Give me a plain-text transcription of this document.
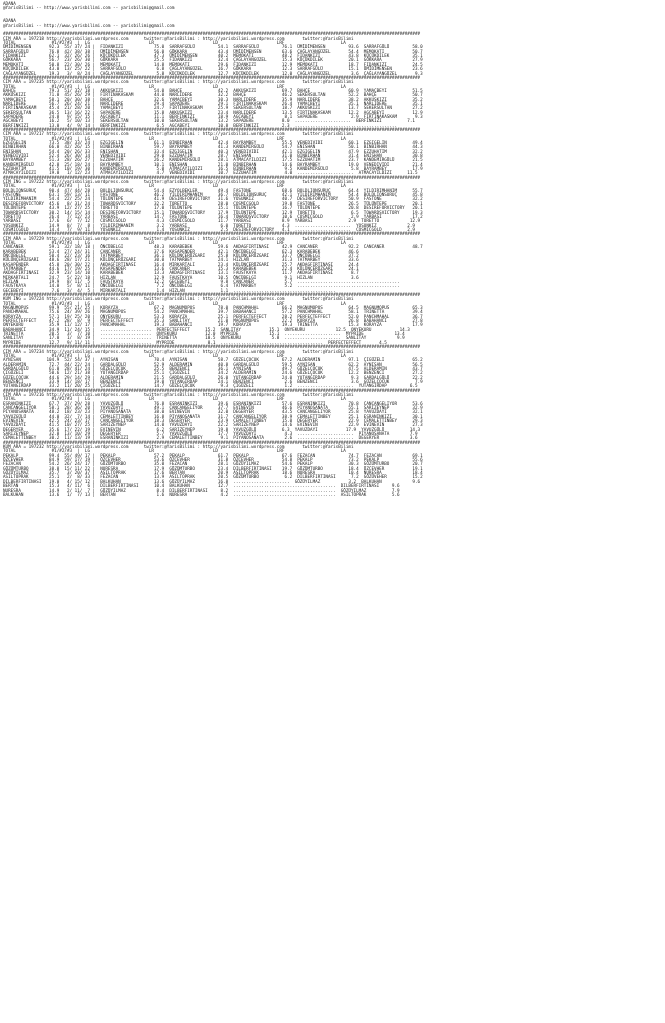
ADANA
@YarisBilimi -- http://www.yarisbilimi.com -- yarisbilimi@gmail.com
ADANA
@YarisBilimi -- http://www.yarisbilimi.com -- yarisbilimi@gmail.com
###################################################################################################################################################################
CIM ARA = 197218 http://yarisbilimi.wordpress.com      twitter:@YarisBilimi : http://yarisbilimi.wordpress.com       twitter:@YarisBilimi
TOTAL              #1/#2/#3  |  LG                       LR                       LD                       LRF                      LA
ÜMİDİMENSEN       92.3  55/ 37/ 24 |  FIDANKIZI            75.0  SARRAFGÜLÜ         54.1  SARRAFGÜLÜ         76.1  ÜMİDİMENSEN         93.6  SARRAFGÜLÜ         58.0
SARRAFGÜLÜ        76.8  42/ 38/ 38 |  ÜMİDİMENSEN          56.0  GÖKKARA            43.4  ÜMİDİMENSEN        63.6  ÇAĞLAYANGÜZEL       54.4  MEMOKATI           50.7
FIDANKIZI         62.1  32/ 26/ 26 |  KÜÇÜKDILEK           47.3  ÜMİDİMENSEN        40.2  MEMOKATI           48.2  FIDANKIZI           43.8  KÜÇÜKDILEK         35.1
GÖKKARA           56.7  23/ 26/ 30 |  GÖKKARA              25.5  FIDANKIZI          32.4  ÇAĞLAYANGÜZEL      15.3  KÜÇÜKDILEK          20.1  GÖKKARA            27.9
MEMOKATI          50.8  22/ 30/ 26 |  MEMOKATI             14.8  MEMOKATI           29.6  FIDANKIZI          12.9  MEMOKATI            18.7  FIDANKIZI          24.5
KÜÇÜKDILEK        43.0  13/ 25/ 22 |  SARRAFGÜLÜ            6.8  ÇAĞLAYANGÜZEL      16.7  GÖKKARA            12.3  SARRAFGÜLÜ          15.1  ÜMİDİMENSEN        23.6
ÇAĞLAYANGÜZEL     19.3   3/  8/ 24 |  ÇAĞLAYANGÜZEL         5.8  KÜÇÜKDILEK         12.7  KÜÇÜKDILEK         12.0  ÇAĞLAYANGÜZEL        3.6  ÇAĞLAYANGÜZEL       9.3
###################################################################################################################################################################
CIM ARA = 197235 http://yarisbilimi.wordpress.com      twitter:@YarisBilimi : http://yarisbilimi.wordpress.com       twitter:@YarisBilimi
TOTAL              #1/#2/#3  |  LG                       LR                       LD                       LRF                      LA
BAHÇE             79.3  51/ 32/ 18 |  AKKUSKIZI            54.0  BAHÇE              42.2  AKKUSKIZI          69.7  BAHÇE               60.9  YAMAÇBEYI          51.5
AKKUSKIZI         71.0  45/ 26/ 29 |  FIRTINAKASKAM        44.0  NARLIDERE          32.2  BAHÇE              46.2  SEKERSULTAN         52.2  BAHÇE              50.7
YAMAÇBEYI         58.1  20/ 30/ 38 |  BAHÇE                32.6  YAMAÇBEYI          30.3  NARLIDERE          35.9  NARLIDERE           38.2  AKKUSKIZI          35.2
NARLIDERE         56.7  26/ 24/ 21 |  NARLIDERE            29.4  SAPADERE           29.1  FIRTINAKASKAM      26.4  YAMAÇBEYI           35.1  NARLIDERE          35.1
FIRTINAKASKAM     45.4  21/ 28/ 20 |  YAMAÇBEYI            24.7  FIRTINAKASKAM      25.9  SEKERSULTAN        18.7  AKKUSKIZI           13.7  SEKERSULTAN        27.2
SEKERSULTAN       36.5  13/ 16/ 22 |  SAPADERE             15.8  AKKUSKIZI          23.4  NARLIDERE          13.5  FIRTINAKASKAM       12.2  AGCABEYI           12.9
SAPADERE          24.8   9/ 15/ 15 |  AGCABEYI             11.1  BERFINKIZI         18.9  AGCABEYI            8.1  SAPADERE             2.9  FIRTINAKASKAM       9.3
AGCABEYI          16.2   5/ 10/ 13 |  SEKERSULTAN          10.0  SEKERSULTAN        13.2  SAPADERE           8.0  ......................  BERFINKIZI          7.1
BERFINKIZI        13.0   4/  9/ 14 |  BERFINKIZI            6.5  AGCABEYI           10.8  BERFINKIZI         2.3  ........................................
###################################################################################################################################################################
CIM ARA = 197217 http://yarisbilimi.wordpress.com      twitter:@YarisBilimi : http://yarisbilimi.wordpress.com       twitter:@YarisBilimi
TOTAL              #1/#2/#3  |  LG                       LR                       LD                       LRF                      LA
EZGIGELIN         73.5  38/ 33/ 24 |  EZGIGELIN            61.1  BINBIRHAN          42.4  BAYRAMBEY          55.5  VENEDIVIDI          60.1  EZGIGELIN          49.4
BINBIRHAN         66.0  42/ 26/ 15 |  BINBIRHAN            59.7  BAYRAMBEY          41.3  KANDEMIRGÜLÜ       54.7  ENISHAN             50.1  BINBIRHAN          44.3
ENISHAN           54.4  20/ 26/ 33 |  ENISHAN              33.4  EZGIGELIN          40.3  VENEDIVIDI         42.1  EZGIGELIN           47.9  EZZUHATIM          32.2
VENEDIVIDI        52.4  26/ 30/ 14 |  VENEDIVIDI           29.0  EZZUHATIM          28.7  ENISHAN            31.0  BINBIRHAN           31.4  ENISHAN            30.8
BAYRAMBEY         51.3  28/ 26/ 27 |  EZZUHATIM            26.2  KANDEMIRGÜLÜ       28.1  ATMACAYILDIZI      17.5  EZZUHATIM           23.7  KANDEMIRGÜLÜ       21.5
KANDEMIRGÜLÜ      42.8  25/ 18/ 24 |  BAYRAMBEY            10.1  ENISHAN            21.0  BINBIRHAN          14.6  BAYRAMBEY           19.0  VENEDIVIDI         21.4
EZZUHATIM         41.5  10/ 19/ 30 |  KANDEMIRGÜLÜ          5.0  ATMACAYILDIZI      16.5  BINBIRHAN           9.5  KANDEMIRGÜLÜ         5.8  BAYRAMBEY          17.9
ATMACAYILDIZI     19.0   1/ 12/ 23 |  ATMACAYILDIZI         4.7  VENEDIVIDI         10.7  EZZUHATIM           4.0  ......................  ATMACAYILDIZI      11.5
###################################################################################################################################################################
CIM ING = 197222 http://yarisbilimi.wordpress.com      twitter:@YarisBilimi : http://yarisbilimi.wordpress.com       twitter:@YarisBilimi
TOTAL              #1/#2/#3  |  LG                       LR                       LD                       LRF                      LA
BOLDLIONSURUÇ     90.4  47/ 44/ 28 |  BOLDLIONSURUÇ        54.4  EZYOLBEKLER        49.4  FASTONE            68.6  BOLDLIONSURUÇ       64.4  YILDIRIMHANIM      55.7
FASTONE           63.1  59/ 13/ 11 |  FASTONE              46.2  YILDIRIMHANIM      36.7  BOLDLIONSURUÇ      42.1  YILDIRIMHANIM       54.4  BOLDLIONSURUÇ      45.8
YILDIRIMHANIM     54.4  22/ 25/ 24 |  TÜLÜNTEPE            41.9  DESIREFORVICTORY   31.6  YOSUNKIZ           40.7  DESIREFORVICTORY    50.9  FASTONE            32.2
DESIREFORVICTORY  45.6   8/ 31/ 24 |  TOWARDSVICTORY       32.2  TORETTO            28.0  COSMICGOLD         19.8  FASTONE             26.5  TÜLÜNTEPE          20.1
TÜLÜNTEPE         43.9  12/ 27/ 25 |  TORETTO              17.0  TÜLÜNTEPE          15.1  TÜLÜNTEPE          16.7  TÜLÜNTEPE           20.8  DESIREFORVICTORY   20.1
TOWARDSVICTORY    30.2  14/ 15/ 14 |  DESIREFORVICTORY     15.1  TOWARDSVICTORY     17.9  TÜLÜNTEPE          12.9  TORETTO              6.5  TOWARDSVICTORY     19.3
TORETTO           26.4   7/ 12/ 23 |  YARBASI              14.7  FASTONE            16.4  TOWARDSVICTORY     10.6  COSMICGOLD           2.9  YARBASI            17.2
YARBASI           17.6   6/  7/ 12 |  COSMICGOLD            4.3  COSMICGOLD         11.7  YARBASI            8.9  YARBASI              2.9  TORETTO            12.9
YOSUNKIZ          14.9   8/  7/  8 |  YILDIRIMHANIM         3.2  YARBASI             6.0  TORETTO            4.3  ......................  YOSUNKIZ            2.9
COSMICGOLD        14.4   7/  9/ 11 |  YOSUNKIZ              1.4  YOSUNKIZ            2.5  DESIREFORVICTORY   4.1  ......................  COSMICGOLD          2.9
###################################################################################################################################################################
CIM ARA = 197229 http://yarisbilimi.wordpress.com      twitter:@YarisBilimi : http://yarisbilimi.wordpress.com       twitter:@YarisBilimi
TOTAL              #1/#2/#3  |  LG                       LR                       LD                       LRF                      LA
CANCANER          59.1  32/ 18/ 18 |  ÖNCÜBELGI            48.3  KARABEBEK          59.6  AKDAGFIRTINASI     42.9  CANCANER            92.2  CANCANER           48.7
KARABEBEK         53.4  27/ 24/ 31 |  CANCANER             37.6  KASAPENDER         42.1  ÖNCÜBELGI          62.3  KARABEBEK           46.6
ÖNCÜBELGI         50.4  22/ 23/ 16 |  TATMARBEY            36.1  KÜLÜNÇERÜZGARI     25.8  KÜLÜNÇERÜZGARI     33.7  ÖNCÜBELGI           37.2
KÜLÜNÇERÜZGARI    48.6  28/ 17/ 21 |  KÜLÜNÇERÜZGARI       30.0  TATMARBEY          24.1  HIZLAN             31.3  TATMARBEY           33.6
KASAPENDER        45.8  20/ 30/ 22 |  AKDAGFIRTINASI       16.4  MIRKARTALI         23.4  KÜLÜNÇERÜZGARI     25.7  AKDAGFIRTINASI      24.4
TATMARBEY         44.6  17/ 19/ 25 |  KASAPENDER           13.6  CANCANER           15.3  KARABEBEK          22.4  KÜLÜNÇERÜZGARI      24.1
AKDAGFIRTINASI    32.9  23/ 14/ 10 |  KARABEBEK            13.3  AKDAGFIRTINASI     13.1  FAUSTKAYA          11.7  AKDAGFIRTINASI       8.7
MIRKARTALI        24.7   5/ 22/ 18 |  HIZLAN               12.9  FAUSTKAYA          10.5  ÖNCÜBELGI           9.1  HIZLAN               3.6
HIZLAN            19.9   8/ 11/  5 |  FAUSTKAYA            12.2  GECEBEYI            9.8  CANCANER            5.7  ........................................
FAUSTKAYA         14.0   5/  8/ 11 |  ÖNCÜBELGI             7.2  ÖNCÜBELGI           6.4  TATMARBEY           5.2  ........................................
GECEBEYI           7.6   3/  4/  5 |  MIRKARTALI            1.4  HIZLAN              1.1  ........................................
###################################################################################################################################################################
KUM ING = 197224 http://yarisbilimi.wordpress.com      twitter:@YarisBilimi : http://yarisbilimi.wordpress.com       twitter:@YarisBilimi
TOTAL              #1/#2/#3  |  LG                       LR                       LD                       LRF                      LA
MAGNUMOPUS        99.9  55/ 21/ 25 |  KORAYZA              67.2  MAGNUMOPUS         78.0  PANCHMAHAL         66.2  MAGNUMOPUS          64.5  MAGNUMOPUS         65.3
PANCHMAHAL        75.6  24/ 39/ 26 |  MAGNUMOPUS           54.2  PANCHMAHAL         39.7  BABAHANCI          57.2  PANCHMAHAL          58.1  TRINETTA           39.4
KORAYZA           57.1  19/ 25/ 20 |  ONYEKURU             53.3  KORAYZA            25.1  PERFECTEFFECT      28.2  PERFECTEFFECT       52.0  PANCHMAHAL         36.7
PERFECTEFFECT     47.2  28/  8/  9 |  PERFECTEFFECT        35.3  SANLITAY           21.0  MAGNUMOPUS         22.2  KORAYZA             26.8  BABAHANCI          27.8
ONYEKURU          35.9  11/ 12/ 17 |  PANCHMAHAL           19.3  BABAHANCI          19.7  KORAYZA            19.3  TRINETTA            15.3  KORAYZA            17.9
BABAHANCI         34.9  11/ 24/ 15 |  ....................  PERFECTEFFECT      15.2  SANLITAY           15.1  ONYEKURU            12.5  ONYEKURU           14.3
TRINETTA          20.5   3/  7/ 10 |  ....................  ONYEKURU           12.0  MYPRIDE            15.1  ......................  MYPRIDE            13.4
SANLITAY          17.0   1/  8/ 19 |  ....................  TRINETTA           10.5  ONYEKURU            5.8  ......................  SANLITAY            9.9
MYPRIDE           12.7   9/ 11/ 11 |  ....................  MYPRIDE             8.1  ........................................  PERFECTEFFECT       4.5
###################################################################################################################################################################
CIM ARA = 197234 http://yarisbilimi.wordpress.com      twitter:@YarisBilimi : http://yarisbilimi.wordpress.com       twitter:@YarisBilimi
TOTAL              #1/#2/#3  |  LG                       LR                       LD                       LRF                      LA
AYNISAN          104.9  52/ 54/ 37 |  AYNISAN              70.4  AYNISAN            58.7  GÜZELÇOCUK         67.2  ALDERAMIN           97.1  ÇIGÜZELI           65.2
ALDERAMIN         72.7  44/ 22/ 24 |  GARDALGÜLÜ           52.9  ALDERAMIN          40.8  GARDALGÜLÜ         59.5  AYNISAN             62.2  AYNISAN            56.5
GARDALGÜLÜ        61.0  28/ 41/ 24 |  GÜZELÇOCUK           25.5  BENZENCI           36.1  AYNISAN            49.7  GÜZELÇOCUK          47.5  ALDERAMIN          43.7
ÇIGÜZELI          50.6  12/ 21/ 38 |  YUTANGIRDAP          25.1  ÇIGÜZELI           34.2  ALDERAMIN          24.6  GÜZELÇOCUK          12.2  BENZENCI           27.2
GÜZELÇOCUK        44.6  29/ 14/ 29 |  ALDERAMIN            21.5  GARDALGÜLÜ         26.0  YUTANGIRDAP        24.0  YUTANGIRDAP          9.3  GARDALGÜLÜ         22.2
BENZENCI          33.9  14/ 18/ 17 |  BENZENCI             19.0  YUTANGIRDAP        24.1  BENZENCI            2.6  BENZENCI             3.6  GÜZELÇOCUK          7.9
YUTANGIRDAP       33.2  11/ 20/ 25 |  ÇIGÜZELI             14.7  GÜZELÇOCUK          9.3  ÇIGÜZELI            1.2  ......................  YUTANGIRDAP         6.5
###################################################################################################################################################################
CIM ARA = 197216 http://yarisbilimi.wordpress.com      twitter:@YarisBilimi : http://yarisbilimi.wordpress.com       twitter:@YarisBilimi
TOTAL              #1/#2/#3  |  LG                       LR                       LD                       LRF                      LA
ESRANINKIZI       67.7  37/ 29/ 28 |  YAVUZGÜLÜ            76.8  ESRANINKIZI        39.6  ESRANINKIZI        57.6  ESRANINKIZI         70.8  CANCANGELIYOR      53.6
CANCANGELIYOR     58.1  28/ 36/ 20 |  YAVUZDAYI            49.1  CANCANGELIYOR      37.7  EVINEVIN           46.6  PIYANOSANATA        55.1  SARIZEYNEP         32.9
PIYANOSANATA      48.2  18/ 23/ 23 |  PIYANOSANATA         38.0  EVINEVIN           32.0  DEGERYER           43.5  CANCANGELIYOR       25.8  YAVUZDAYI          32.1
YAVUZGÜLÜ         44.0  32/  7/ 14 |  CEMALETTINBEY        16.8  PIYANOSANATA       31.7  CANCANGELIYOR      38.9  CEMALETTINBEY       25.1  ESRANINKIZI        30.1
EVINEVIN          42.5  24/ 23/ 17 |  CANCANGELIYOR        18.3  DEGERYER           23.9  CEMALETTINBEY      15.0  DEGERYER            22.9  CEMALETTINBEY      29.3
YAVUZDAYI         41.5  10/ 27/ 25 |  SARIZEYNEP           14.0  YAVUZDAYI          22.2  SARIZEYNEP         14.6  EVINEVIN            22.9  EVINEVIN           27.3
DEGERYER          35.6  17/ 22/ 19 |  EVINEVIN              6.2  SARIZEYNEP         19.8  YAVUZGÜLÜ          6.3  YAVUZDAYI           17.9  YAVUZGÜLÜ          14.3
SARIZEYNEP        32.8  13/ 10/ 29 |  DEGERYER              5.7  YAVUZGÜLÜ          17.7  YAVUZDAYI           4.3  ......................  PIYANOSANATA        7.9
CEMALETTINBEY     30.2  11/ 13/ 19 |  ESRANINKIZI           2.9  CEMALETTINBEY       9.1  PIYANOSANATA        2.6  ......................  DEGERYER            3.6
###################################################################################################################################################################
KUM ARA = 197232 http://yarisbilimi.wordpress.com      twitter:@YarisBilimi : http://yarisbilimi.wordpress.com       twitter:@YarisBilimi
TOTAL              #1/#2/#3  |  LG                       LR                       LD                       LRF                      LA
PEKALP            99.4  55/ 49/ 17 |  PEKALP               57.2  PEKALP             61.7  PEKALP             67.6  FEZACAN             74.7  FEZACAN            69.1
ÖZCEVHER          84.9  59/ 17/ 19 |  ÖZCEVHER             53.6  ÖZCEVHER           31.8  ÖZCEVHER           54.8  PEKALP              73.2  PEKALP             55.6
FEZACAN           54.2  26/ 24/ 17 |  GÖZÜMTURBO           35.0  FEZACAN            28.1  GÖZÜYILMAZ         54.6  PEKALP              30.3  GÖZÜMTURBO         20.7
GÖZÜMTURBO        38.8  15/ 11/ 22 |  NURESRA              17.9  GÖZÜMTURBO         23.4  DILBERFIRTINASI    19.7  GÖZÜMTURBO          18.4  ÖZCEVHER           19.1
GÖZÜYILMAZ        35.7   3/ 20/ 37 |  ASILTOPRAK           17.6  BERTAN             20.9  ASILTOPRAK         18.6  NURESRA             10.4  NURESRA            18.4
ASILTOPRAK        25.1   2/  8/ 33 |  FEZACAN              13.9  ASILTOPRAK         20.5  GÖZÜMTURBO          6.2  DILBERFIRTINASI      7.2  GÖZÜVEHER          15.2
DILBERFIRTINASI   19.0   4/ 15/ 12 |  BALKUHAN             13.6  GÖZÜYILMAZ         16.8  ......................  GÖZÜYILMAZ           3.2  BALKUHAN            9.6
BERTAN            15.3   4/ 11/  6 |  DILBERFIRTINASI      10.4  BALKUHAN           12.7  ........................................  DILBERFIRTINASI     9.6
NURESRA           14.9   2/ 11/  7 |  GÖZÜYILMAZ            8.4  DILBERFIRTINASI     8.2  ........................................  GÖZÜYILMAZ          7.9
BALKUHAN          13.6   1/  7/ 13 |  BERTAN                1.6  NURESRA             4.2  ........................................  ASILTOPRAK          5.6
